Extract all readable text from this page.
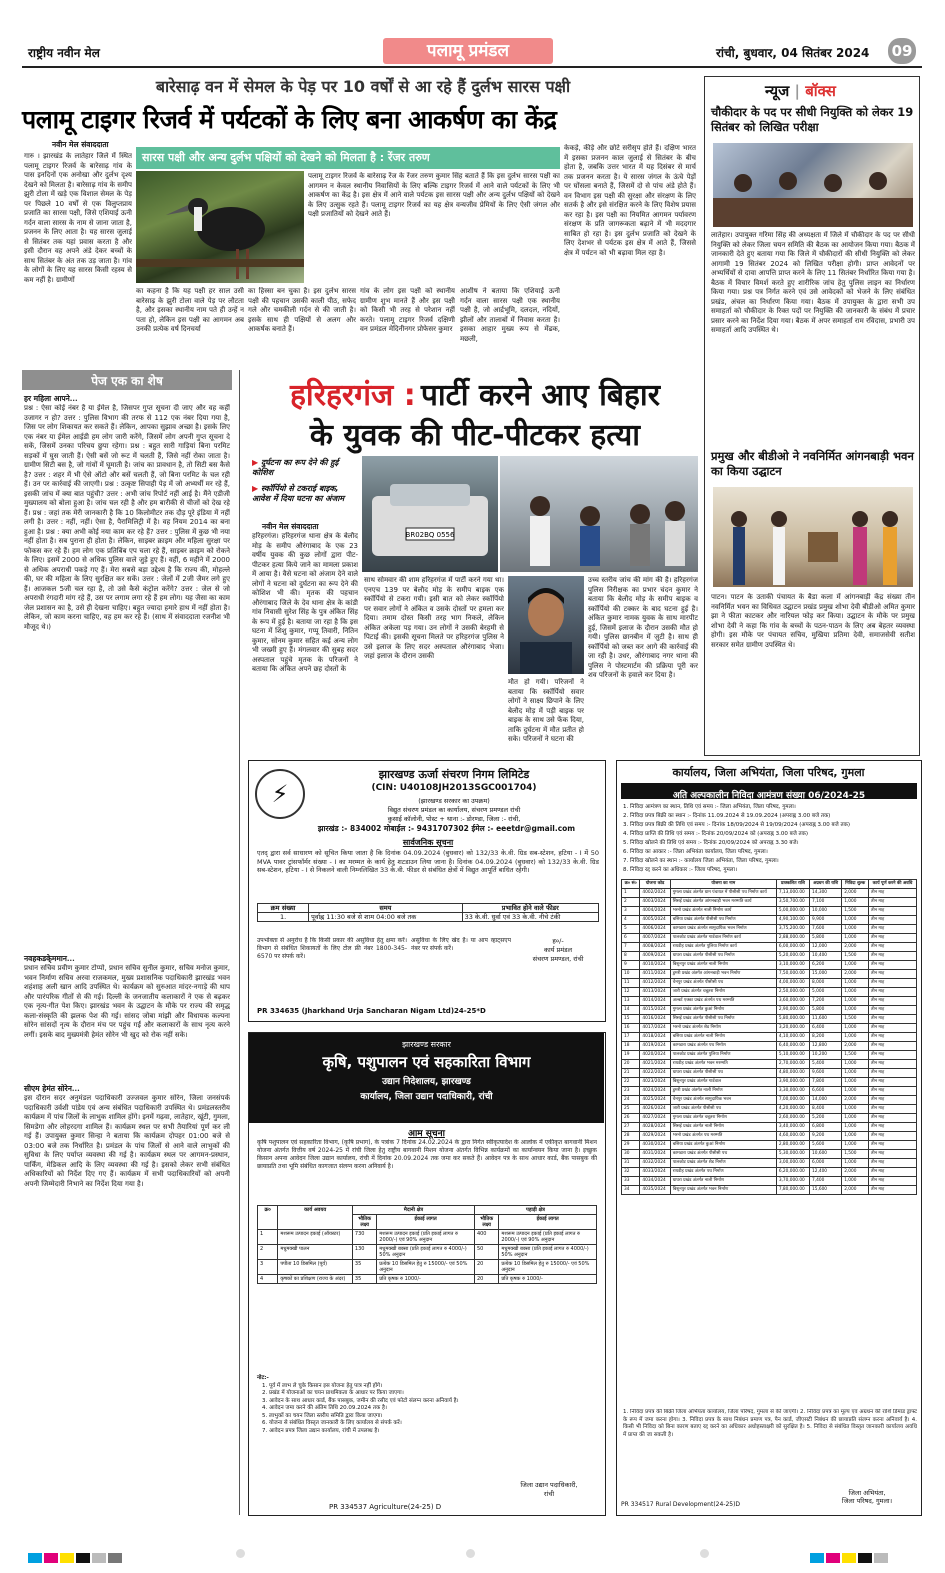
राष्ट्रीय नवीन मेल	पलामू प्रमंडल	रांची, बुधवार, 04 सितंबर 2024 09
बारेसाढ़ वन में सेमल के पेड़ पर 10 वर्षों से आ रहे हैं दुर्लभ सारस पक्षी
पलामू टाइगर रिजर्व में पर्यटकों के लिए बना आकर्षण का केंद्र
सारस पक्षी और अन्य दुर्लभ पक्षियों को देखने को मिलता है : रेंजर तरुण
नवीन मेल संवाददाता
गारु । झारखंड के लातेहार जिले में स्थित पलामू टाइगर रिजर्व के बारेसाढ़ गांव के पास इनदिनों एक अनोखा और दुर्लभ दृश्य देखने को मिलता है। बारेसाढ़ गांव के समीप झुरी टोला में खड़े एक विशाल सेमल के पेड़ पर पिछले 10 वर्षों से एक विलुप्तप्राय प्रजाति का सारस पक्षी, जिसे एशियाई ऊनी गर्दन वाला सारस के नाम से जाना जाता है, प्रजनन के लिए आता है। यह सारस जुलाई से सितंबर तक यहां प्रवास करता है और इसी दौरान वह अपने अंडे देकर बच्चों के साथ सितंबर के अंत तक उड़ जाता है। गांव के लोगों के लिए यह सारस किसी रहस्य से कम नहीं है। ग्रामीणों
का कहना है कि यह पक्षी हर साल उसी बारेसाढ़ के झुरी टोला वाले पेड़ पर लौटता है, और इसका स्थानीय नाम पते ही उन्हें न पता हो, लेकिन इस पक्षी का आगमन अब उनकी प्रत्येक वर्ष दिनचर्या
का हिस्सा बन चुका है। इस दुर्लभ सारस पक्षी की पहचान उसकी काली पीठ, सफेद गले और चमकीली गर्दन से की जाती है। इसके साथ ही पक्षियों से अलग और आकर्षक बनाते हैं।
पलामू टाइगर रिजर्व के बारेसाढ़ रेंज के रेंजर तरुण कुमार सिंह बताते हैं कि इस दुर्लभ सारस पक्षी का आगमन न केवल स्थानीय निवासियों के लिए बल्कि टाइगर रिजर्व में आने वाले पर्यटकों के लिए भी आकर्षण का केंद्र है। इस क्षेत्र में आने वाले पर्यटक इस सारस पक्षी और अन्य दुर्लभ पक्षियों को देखने के लिए उत्सुक रहते हैं। पलामू टाइगर रिजर्व का यह क्षेत्र वन्यजीव प्रेमियों के लिए ऐसी जंगल और पक्षी प्रजातियों को देखने आते हैं।
गांव के लोग इस पक्षी को स्थानीय ग्रामीण शुभ मानते हैं और इस पक्षी को किसी भी तरह से परेशान नहीं करते। पलामू टाइगर रिजर्व दक्षिणी वन प्रमंडल मेदिनीनगर प्रोफेसर कुमार
आशीष ने बताया कि एशियाई ऊनी गर्दन वाला सारस पक्षी एक स्थानीय पक्षी है, जो आर्द्रभूमि, दलदल, नदियों, झीलों और तालाबों में निवास करता है। इसका आहार मुख्य रूप से मेंढक, मछली,
केकड़े, कीड़े और छोटे सरीसृप होते हैं। दक्षिण भारत में इसका प्रजनन काल जुलाई से सितंबर के बीच होता है, जबकि उत्तर भारत में यह दिसंबर से मार्च तक प्रजनन करता है। ये सारस जंगल के ऊंचे पेड़ों पर घोंसला बनाते हैं, जिसमें दो से पांच अंडे होते हैं। वन विभाग इस पक्षी की सुरक्षा और संरक्षण के लिए सतर्क है और इसे संरक्षित करने के लिए विशेष प्रयास कर रहा है। इस पक्षी का नियमित आगमन पर्यावरण संरक्षण के प्रति जागरूकता बढ़ाने में भी मददगार साबित हो रहा है। इस दुर्लभ प्रजाति को देखने के लिए देशभर से पर्यटक इस क्षेत्र में आते हैं, जिससे क्षेत्र में पर्यटन को भी बढ़ावा मिल रहा है।
न्यूज | बॉक्स
चौकीदार के पद पर सीधी नियुक्ति को लेकर 19 सितंबर को लिखित परीक्षा
लातेहार। उपायुक्त गरिमा सिंह की अध्यक्षता में जिले में चौकीदार के पद पर सीधी नियुक्ति को लेकर जिला चयन समिति की बैठक का आयोजन किया गया। बैठक में जानकारी देते हुए बताया गया कि जिले में चौकीदारों की सीधी नियुक्ति को लेकर आगामी 19 सितंबर 2024 को लिखित परीक्षा होगी। प्राप्त आवेदनों पर अभ्यर्थियों से दावा आपत्ति प्राप्त करने के लिए 11 सितंबर निर्धारित किया गया है। बैठक में विचार विमर्श करते हुए शारीरिक जांच हेतु पुलिस लाइन का निर्धारण किया गया। प्रश्न पत्र निर्गत करने एवं उसे आवेदकों को भेजने के लिए संबंधित प्रखंड, अंचल का निर्धारण किया गया। बैठक में उपायुक्त के द्वारा सभी उप समाहर्ता को चौकीदार के रिक्त पदों पर नियुक्ति की जानकारी के संबंध में प्रचार प्रसार करने का निर्देश दिया गया। बैठक में अपर समाहर्ता राम रविदास, प्रभारी उप समाहर्ता आदि उपस्थित थे।
प्रमुख और बीडीओ ने नवनिर्मित आंगनबाड़ी भवन का किया उद्घाटन
पाटन। पाटन के उताकी पंचायत के बैडा कला में आंगनबाड़ी केंद्र संख्या तीन नवनिर्मित भवन का विधिवत उद्घाटन प्रखंड प्रमुख शोभा देवी बीडीओ अमित कुमार झा ने फीता काटकर और नारियल फोड़ कर किया। उद्घाटन के मौके पर प्रमुख शोभा देवी ने कहा कि गांव के बच्चों के पठन-पाठन के लिए अब बेहतर व्यवस्था होगी। इस मौके पर पंचायत सचिव, मुखिया प्रतिमा देवी, समाजसेवी सतीश सरकार समेत ग्रामीण उपस्थित थे।
पेज एक का शेष
हर महिला आपने...
प्रश्न : ऐसा कोई नंबर है या ईमेल है, जिसपर गुप्त सूचना दी जाए और वह कहीं उजागर न हो? उत्तर : पुलिस विभाग की तरफ से 112 एक नंबर दिया गया है, जिस पर लोग शिकायत कर सकते हैं। लेकिन, आपका सुझाव अच्छा है। इसके लिए एक नंबर या ईमेल आईडी हम लोग जारी करेंगे, जिसमें लोग अपनी गुप्त सूचना दे सकें, जिसमें उनका परिचय छुपा रहेगा। प्रश्न : बहुत सारी गाड़ियां बिना परमिट सड़कों में घुस जाती हैं। ऐसी बसें जो रूट में चलती हैं, जिसे नहीं रोका जाता है। ग्रामीण सिटी बस है, जो गांवों में घूमाती है। जांच का प्रावधान है, तो सिटी बस कैसे है? उत्तर : शहर में भी ऐसे ऑटो और बसें चलती हैं, जो बिना परमिट के चल रही हैं। उन पर कार्रवाई की जाएगी। प्रश्न : उत्कृष्ट सिपाही पेड़ में जो अभ्यर्थी मर रहे हैं, इसकी जांच में क्या बात पहुंची? उत्तर : अभी जांच रिपोर्ट नहीं आई है। मैंने एडीजी मुख्यालय को बोला हुआ है। जांच चल रही है और हम बारीकी से चीजों को देख रहे हैं। प्रश्न : जहां तक मेरी जानकारी है कि 10 किलोमीटर तक दौड़ पूरे इंडिया में नहीं लगी है। उत्तर : नहीं, नहीं। ऐसा है, पैरामिलिट्री में है। वह नियम 2014 का बना हुआ है। प्रश्न : क्या अभी कोई नया काम कर रहे हैं? उत्तर : पुलिस में कुछ भी नया नहीं होता है। सब पुराना ही होता है। लेकिन, साइबर क्राइम और महिला सुरक्षा पर फोकस कर रहे हैं। हम लोग एक प्रतिबिंब एप चला रहे हैं, साइबर क्राइम को रोकने के लिए। इसमें 2000 से अधिक पुलिस वाले जुड़े हुए हैं। वहीं, 6 महीने में 2000 से अधिक अपराधी पकड़े गए हैं। मेरा सबसे बड़ा उद्देश्य है कि राज्य की, मोहल्ले की, घर की महिला के लिए सुरक्षित कर सकें। उत्तर : जेलों में 2जी जैमर लगे हुए हैं। आजकल 5जी चल रहा है, तो उसे कैसे कंट्रोल करेंगे? उत्तर : जेल से जो अपराधी रंगदारी मांग रहे हैं, उस पर लगाम लगा रहे हैं हम लोग। यह जैसा का काम जेल प्रशासन का है, उसे ही देखना चाहिए। बहुत ज्यादा हमारे हाथ में नहीं होता है। लेकिन, जो काम करना चाहिए, वह हम कर रहे हैं। (साथ में संवाददाता रजनीश भी मौजूद थे।)
नवहकडके्ममान...
प्रधान सचिव प्रवीण कुमार टोप्पो, प्रधान सचिव सुनील कुमार, सचिव मनोज कुमार, भवन निर्माण सचिव अरवा राजकमल, मुख्य प्रशासनिक पदाधिकारी झारखंड भवन शहंशाह अली खान आदि उपस्थित थे। कार्यक्रम को सुरुआत मांदर-नगाड़े की थाप और पारंपरिक गीतों से की गई। दिल्ली के जनजातीय कलाकारों ने एक से बढ़कर एक नृत्य-गीत पेश किए। झारखंड भवन के उद्घाटन के मौके पर राज्य की समृद्ध कला-संस्कृति की झलक पेश की गई। सांसद जोबा मांझी और विधायक कल्पना सोरेन सांसदों नृत्य के दौरान मंच पर पहुंच गईं और कलाकारों के साथ नृत्य करने लगीं। इसके बाद मुख्यमंत्री हेमंत सोरेन भी खुद को रोक नहीं सके।
सीएम हेमंत सोरेन...
इस दौरान सदर अनुमंडल पदाधिकारी उज्जवल कुमार सोरेन, जिला जनसंपर्क पदाधिकारी उर्वशी पांडेय एवं अन्य संबंधित पदाधिकारी उपस्थित थे। प्रमंडलस्तरीय कार्यक्रम में पांच जिलों के लाभुक शामिल होंगे। इनमें गढ़वा, लातेहार, खूंटी, गुमला, सिमडेगा और लोहरदगा शामिल हैं। कार्यक्रम स्थल पर सभी तैयारियां पूर्ण कर ली गई हैं। उपायुक्त कुमार सिन्हा ने बताया कि कार्यक्रम दोपहर 01:00 बजे से 03:00 बजे तक निर्धारित है। प्रमंडल के पांच जिलों से आने वाले लाभुकों की सुविधा के लिए पर्याप्त व्यवस्था की गई है। कार्यक्रम स्थल पर आगमन-प्रस्थान, पार्किंग, मेडिकल आदि के लिए व्यवस्था की गई है। इसको लेकर सभी संबंधित अधिकारियों को निर्देश दिए गए हैं। कार्यक्रम में सभी पदाधिकारियों को अपनी अपनी जिम्मेदारी निभाने का निर्देश दिया गया है।
हरिहरगंज : पार्टी करने आए बिहार
के युवक की पीट-पीटकर हत्या
▶ दुर्घटना का रूप देने की हुई कोशिश
▶ स्कॉर्पियो से टकराई बाइक, आवेश में दिया घटना का अंजाम
नवीन मेल संवाददाता
BR02BQ 0556
हरिहरगंज। हरिहरगंज थाना क्षेत्र के बेलौद मोड़ के समीप औरंगाबाद के एक 23 वर्षीय युवक की कुछ लोगों द्वारा पीट-पीटकर हत्या किये जाने का मामला प्रकाश में आया है। वैसे घटना को अंजाम देने वाले लोगों ने घटना को दुर्घटना का रूप देने की कोशिश भी की। मृतक की पहचान औरंगाबाद जिले के देव थाना क्षेत्र के कांडी गांव निवासी सुरेश सिंह के पुत्र अंकित सिंह के रूप में हुई है। बताया जा रहा है कि इस घटना में शिशु कुमार, गप्पू तिवारी, नितिन कुमार, सोनम कुमार सहित कई अन्य लोग भी जख्मी हुए हैं। मंगलवार की सुबह सदर अस्पताल पहुंचे मृतक के परिजनों ने बताया कि अंकित अपने छह दोस्तों के
साथ सोमवार की शाम हरिहरगंज में पार्टी करने गया था। एनएच 139 पर बेलौद मोड़ के समीप बाइक एक स्कॉर्पियो से टकरा गयी। इसी बात को लेकर स्कॉर्पियो पर सवार लोगों ने अंकित व उसके दोस्तों पर हमला कर दिया। तमाम दोस्त किसी तरह भाग निकले, लेकिन अंकित अकेला पड़ गया। उन लोगों ने उसकी बेरहमी से पिटाई की। इसकी सूचना मिलते पर हरिहरगंज पुलिस ने उसे इलाज के लिए सदर अस्पताल औरंगाबाद भेजा। जहां इलाज के दौरान उसकी
मौत हो गयी। परिजनों ने बताया कि स्कॉर्पियो सवार लोगों ने साक्ष्य छिपाने के लिए बेलौद मोड़ में पड़ी बाइक पर बाइक के साथ उसे फेंक दिया, ताकि दुर्घटना में मौत प्रतीत हो सके। परिजनों ने घटना की
उच्च स्तरीय जांच की मांग की है। हरिहरगंज पुलिस निरीक्षक का प्रभार चंदन कुमार ने बताया कि बेलौद मोड़ के समीप बाइक व स्कॉर्पियो की टक्कर के बाद घटना हुई है। अंकित कुमार नामक युवक के साथ मारपीट हुई, जिसमें इलाज के दौरान उसकी मौत हो गयी। पुलिस छानबीन में जुटी है। साथ ही स्कॉर्पियो को जब्त कर आगे की कार्रवाई की जा रही है। उधर, औरंगाबाद नगर थाना की पुलिस ने पोस्टमार्टम की प्रक्रिया पूरी कर शव परिजनों के हवाले कर दिया है।
⚡
झारखण्ड ऊर्जा संचरण निगम लिमिटेड
(CIN: U40108JH2013SGC001704)
(झारखण्ड सरकार का उपक्रम)
विद्युत संचरण प्रमंडल का कार्यालय, संचरण प्रमण्डल रांची
कुसाई कॉलोनी, पोस्ट + थाना :- डोरण्डा, जिला :- रांची,
झारखंड :- 834002 मोबाईल :- 9431707302 ईमेल :- eeetdr@gmail.com
सार्वजनिक सूचना
एतद् द्वारा सर्व साधारण को सूचित किया जाता है कि दिनांक 04.09.2024 (बुधवार) को 132/33 के.वी. ग्रिड सब-स्टेशन, हटिया - I में 50 MVA पावर ट्रांसफॉर्मर संख्या - I का मरम्मत के कार्य हेतु शटडाउन लिया जाना है। दिनांक 04.09.2024 (बुधवार) को 132/33 के.वी. ग्रिड सब-स्टेशन, हटिया - I से निकलने वाली निम्नलिखित 33 के.वी. फीडर से संबंधित क्षेत्रों में विद्युत आपूर्ति बाधित रहेगी।
क्रम संख्या	समय	प्रभावित होने वाले फीडर
1.	पूर्वाह्न 11:30 बजे से शाम 04:00 बजे तक	33 के.वी. धुर्वा एवं 33 के.वी. नीचे टंकी
उपभोक्ता से अनुरोध है कि किसी प्रकार की असुविधा हेतु क्षमा करें। विभाग से संबंधित शिकायतों के लिए टोल फ्री नंबर 1800-345-6570 पर संपर्क करें।
असुविधा के लिए खेद है। या आप व्हाट्सएप नंबर पर संपर्क करें।
ह०/-
कार्य प्रमंडल
संचरण प्रमण्डल, रांची
PR 334635 (Jharkhand Urja Sancharan Nigam Ltd)24-25*D
झारखण्ड सरकार
कृषि, पशुपालन एवं सहकारिता विभाग
उद्यान निदेशालय, झारखण्ड
कार्यालय, जिला उद्यान पदाधिकारी, रांची
आम सूचना
कृषि पशुपालन एवं सहकारिता विभाग, (कृषि प्रभाग), के पत्रांक 7 दिनांक 24.02.2024 के द्वारा निर्गत स्वीकृत्यादेश के आलोक में एकीकृत बागवानी मिशन योजना अंतर्गत वित्तीय वर्ष 2024-25 में रांची जिला हेतु राष्ट्रीय बागवानी मिशन योजना अंतर्गत विभिन्न कार्यक्रमों का कार्यान्वयन किया जाना है। इच्छुक किसान अपना आवेदन जिला उद्यान कार्यालय, रांची में दिनांक 20.09.2024 तक जमा कर सकते हैं। आवेदन पत्र के साथ आधार कार्ड, बैंक पासबुक की छायाप्रति तथा भूमि संबंधित कागजात संलग्न करना अनिवार्य है।
क्र०	कार्य अवयव	मैदानी क्षेत्र		पहाड़ी क्षेत्र	
		भौतिक लक्ष्य	ईकाई लागत	भौतिक लक्ष्य	ईकाई लागत
1	मशरूम उत्पादन इकाई (ऑयस्टर)	730	मशरूम उत्पादन इकाई (प्रति इकाई लागत रु 2000/-) एवं 90% अनुदान	400	मशरूम उत्पादन इकाई (प्रति इकाई लागत रु 2000/-) एवं 90% अनुदान
2	मधुमक्खी पालन	130	मधुमक्खी बक्सा (प्रति इकाई लागत रु 4000/-) 50% अनुदान	50	मधुमक्खी बक्सा (प्रति इकाई लागत रु 4000/-) 50% अनुदान
3	पपीता 10 डिसमिल (पूर्व)	35	प्रत्येक 10 डिसमिल हेतु रु 15000/- एवं 50% अनुदान	20	प्रत्येक 10 डिसमिल हेतु रु 15000/- एवं 50% अनुदान
4	कृषकों का प्रशिक्षण (राज्य के अंदर)	35	प्रति कृषक रु 1000/-	20	प्रति कृषक रु 1000/-
नोट:-
1. पूर्व में लाभ ले चुके किसान इस योजना हेतु पात्र नहीं होंगे।
2. प्रखंड में योजनाओं का चयन प्राथमिकता के आधार पर किया जाएगा।
3. आवेदन के साथ आधार कार्ड, बैंक पासबुक, जमीन की रसीद एवं फोटो संलग्न करना अनिवार्य है।
4. आवेदन जमा करने की अंतिम तिथि 20.09.2024 तक है।
5. लाभुकों का चयन जिला स्तरीय समिति द्वारा किया जाएगा।
6. योजना से संबंधित विस्तृत जानकारी के लिए कार्यालय से संपर्क करें।
7. आवेदन प्रपत्र जिला उद्यान कार्यालय, रांची में उपलब्ध है।
जिला उद्यान पदाधिकारी,
रांची
PR 334537 Agriculture(24-25) D
कार्यालय, जिला अभियंता, जिला परिषद, गुमला
अति अल्पकालीन निविदा आमंत्रण संख्या 06/2024-25
1. निविदा आमंत्रण का स्थान, तिथि एवं समय :- जिला अभियंता, जिला परिषद, गुमला।
2. निविदा प्रपत्र बिक्री का स्थान :- दिनांक 11.09.2024 से 19.09.2024 (अपराह्न 3.00 बजे तक)
3. निविदा प्रपत्र बिक्री की तिथि एवं समय :- दिनांक 18/09/2024 से 19/09/2024 (अपराह्न 3.00 बजे तक)
4. निविदा प्राप्ति की तिथि एवं समय :- दिनांक 20/09/2024 को (अपराह्न 3.00 बजे तक)
5. निविदा खोलने की तिथि एवं समय :- दिनांक 20/09/2024 को अपराह्न 3.30 बजे।
6. निविदा का आकार :- जिला अभियंता कार्यालय, जिला परिषद, गुमला।
7. निविदा खोलने का स्थान :- कार्यालय जिला अभियंता, जिला परिषद, गुमला।
8. निविदा रद्द करने का अधिकार :- जिला परिषद, गुमला।
क्र० सं०	योजना कोड	योजना का नाम	प्राक्कलित राशि	अग्रधन की राशि	निविदा शुल्क	कार्य पूर्ण करने की अवधि
1	4002/2024	गुमला प्रखंड अंतर्गत ग्राम पंचायत में पीसीसी पथ निर्माण कार्य	7,13,000.00	14,300	2,000	तीन माह
2	4003/2024	सिसई प्रखंड अंतर्गत आंगनबाड़ी भवन मरम्मति कार्य	3,50,700.00	7,100	1,000	तीन माह
3	4004/2024	भरनो प्रखंड अंतर्गत नाली निर्माण कार्य	5,00,000.00	10,000	1,500	तीन माह
4	4005/2024	बसिया प्रखंड अंतर्गत पीसीसी पथ निर्माण	4,90,100.00	9,900	1,000	तीन माह
5	4006/2024	कामडारा प्रखंड अंतर्गत सामुदायिक भवन निर्माण	3,75,200.00	7,600	1,000	तीन माह
6	4007/2024	पालकोट प्रखंड अंतर्गत गार्डवाल निर्माण कार्य	2,88,000.00	5,800	1,000	तीन माह
7	4008/2024	रायडीह प्रखंड अंतर्गत पुलिया निर्माण कार्य	6,00,000.00	12,000	2,000	तीन माह
8	4009/2024	घाघरा प्रखंड अंतर्गत पीसीसी पथ निर्माण	5,20,000.00	10,400	1,500	तीन माह
9	4010/2024	बिशुनपुर प्रखंड अंतर्गत नाली निर्माण	3,10,000.00	6,200	1,000	तीन माह
10	4011/2024	डुमरी प्रखंड अंतर्गत आंगनबाड़ी भवन निर्माण	7,50,000.00	15,000	2,000	तीन माह
11	4012/2024	चैनपुर प्रखंड अंतर्गत पीसीसी पथ	4,00,000.00	8,000	1,000	तीन माह
12	4013/2024	जारी प्रखंड अंतर्गत चबूतरा निर्माण	2,50,000.00	5,000	1,000	तीन माह
13	4014/2024	अल्बर्ट एक्का प्रखंड अंतर्गत पथ मरम्मति	3,60,000.00	7,200	1,000	तीन माह
14	4015/2024	गुमला प्रखंड अंतर्गत कुआं निर्माण	2,90,000.00	5,800	1,000	तीन माह
15	4016/2024	सिसई प्रखंड अंतर्गत पीसीसी पथ निर्माण	5,80,000.00	11,600	1,500	तीन माह
16	4017/2024	भरनो प्रखंड अंतर्गत शेड निर्माण	3,20,000.00	6,400	1,000	तीन माह
17	4018/2024	बसिया प्रखंड अंतर्गत नाली निर्माण	4,10,000.00	8,200	1,000	तीन माह
18	4019/2024	कामडारा प्रखंड अंतर्गत पथ निर्माण	6,40,000.00	12,800	2,000	तीन माह
19	4020/2024	पालकोट प्रखंड अंतर्गत पुलिया निर्माण	5,10,000.00	10,200	1,500	तीन माह
20	4021/2024	रायडीह प्रखंड अंतर्गत भवन मरम्मति	2,70,000.00	5,400	1,000	तीन माह
21	4022/2024	घाघरा प्रखंड अंतर्गत पीसीसी पथ	4,80,000.00	9,600	1,000	तीन माह
22	4023/2024	बिशुनपुर प्रखंड अंतर्गत गार्डवाल	3,90,000.00	7,800	1,000	तीन माह
23	4024/2024	डुमरी प्रखंड अंतर्गत नाली निर्माण	3,30,000.00	6,600	1,000	तीन माह
24	4025/2024	चैनपुर प्रखंड अंतर्गत सामुदायिक भवन	7,00,000.00	14,000	2,000	तीन माह
25	4026/2024	जारी प्रखंड अंतर्गत पीसीसी पथ	4,20,000.00	8,400	1,000	तीन माह
26	4027/2024	गुमला प्रखंड अंतर्गत चबूतरा निर्माण	2,60,000.00	5,200	1,000	तीन माह
27	4028/2024	सिसई प्रखंड अंतर्गत नाली निर्माण	3,40,000.00	6,800	1,000	तीन माह
28	4029/2024	भरनो प्रखंड अंतर्गत पथ मरम्मति	4,60,000.00	9,200	1,000	तीन माह
29	4030/2024	बसिया प्रखंड अंतर्गत कुआं निर्माण	2,80,000.00	5,600	1,000	तीन माह
30	4031/2024	कामडारा प्रखंड अंतर्गत पीसीसी पथ	5,30,000.00	10,600	1,500	तीन माह
31	4032/2024	पालकोट प्रखंड अंतर्गत शेड निर्माण	3,00,000.00	6,000	1,000	तीन माह
32	4033/2024	रायडीह प्रखंड अंतर्गत पथ निर्माण	6,20,000.00	12,400	2,000	तीन माह
33	4034/2024	घाघरा प्रखंड अंतर्गत नाली निर्माण	3,70,000.00	7,400	1,000	तीन माह
34	4035/2024	बिशुनपुर प्रखंड अंतर्गत भवन निर्माण	7,80,000.00	15,600	2,000	तीन माह
1. निविदा प्रपत्र की बिक्री जिला अभियंता कार्यालय, जिला परिषद, गुमला से की जाएगी। 2. निविदा प्रपत्र का मूल्य एवं अग्रधन की राशि डिमांड ड्राफ्ट के रूप में जमा करना होगा। 3. निविदा प्रपत्र के साथ निबंधन प्रमाण पत्र, पैन कार्ड, जीएसटी निबंधन की छायाप्रति संलग्न करना अनिवार्य है। 4. किसी भी निविदा को बिना कारण बताए रद्द करने का अधिकार अधोहस्ताक्षरी को सुरक्षित है। 5. निविदा से संबंधित विस्तृत जानकारी कार्यालय अवधि में प्राप्त की जा सकती है।
जिला अभियंता,
जिला परिषद, गुमला।
PR 334517 Rural Development(24-25)D
